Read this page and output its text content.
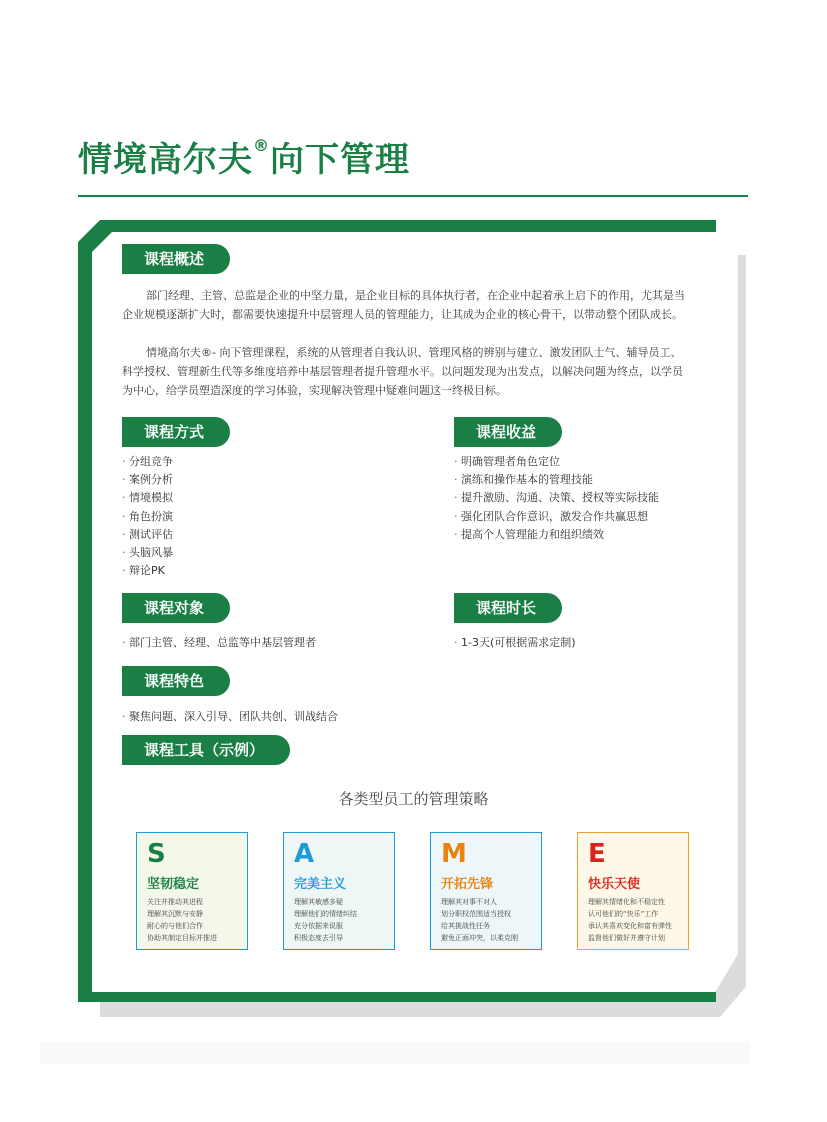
情境高尔夫®向下管理
课程概述

部门经理、主管、总监是企业的中坚力量，是企业目标的具体执行者，在企业中起着承上启下的作用，尤其是当企业规模逐渐扩大时，都需要快速提升中层管理人员的管理能力，让其成为企业的核心骨干，以带动整个团队成长。

情境高尔夫®- 向下管理课程，系统的从管理者自我认识、管理风格的辨别与建立、激发团队士气、辅导员工、科学授权、管理新生代等多维度培养中基层管理者提升管理水平。以问题发现为出发点，以解决问题为终点，以学员为中心，给学员塑造深度的学习体验，实现解决管理中疑难问题这一终极目标。

课程方式
· 分组竞争
· 案例分析
· 情境模拟
· 角色扮演
· 测试评估
· 头脑风暴
· 辩论PK
课程收益
· 明确管理者角色定位
· 演练和操作基本的管理技能
· 提升激励、沟通、决策、授权等实际技能
· 强化团队合作意识，激发合作共赢思想
· 提高个人管理能力和组织绩效
课程对象
· 部门主管、经理、总监等中基层管理者
课程时长
· 1-3天(可根据需求定制)
课程特色
· 聚焦问题、深入引导、团队共创、训战结合
课程工具（示例）
各类型员工的管理策略
S
坚韧稳定
关注并推动其进程
理解其沉默与安静
耐心的与他们合作
协助其制定目标并推进
A
完美主义
理解其敏感多疑
理解他们的情绪纠结
充分依据来说服
积极态度去引导
M
开拓先锋
理解其对事不对人
划分职权范围适当授权
给其挑战性任务
避免正面冲突，以柔克刚
E
快乐天使
理解其情绪化和不稳定性
认可他们的“快乐”工作
承认其喜欢变化和富有弹性
监督他们做好并遵守计划
